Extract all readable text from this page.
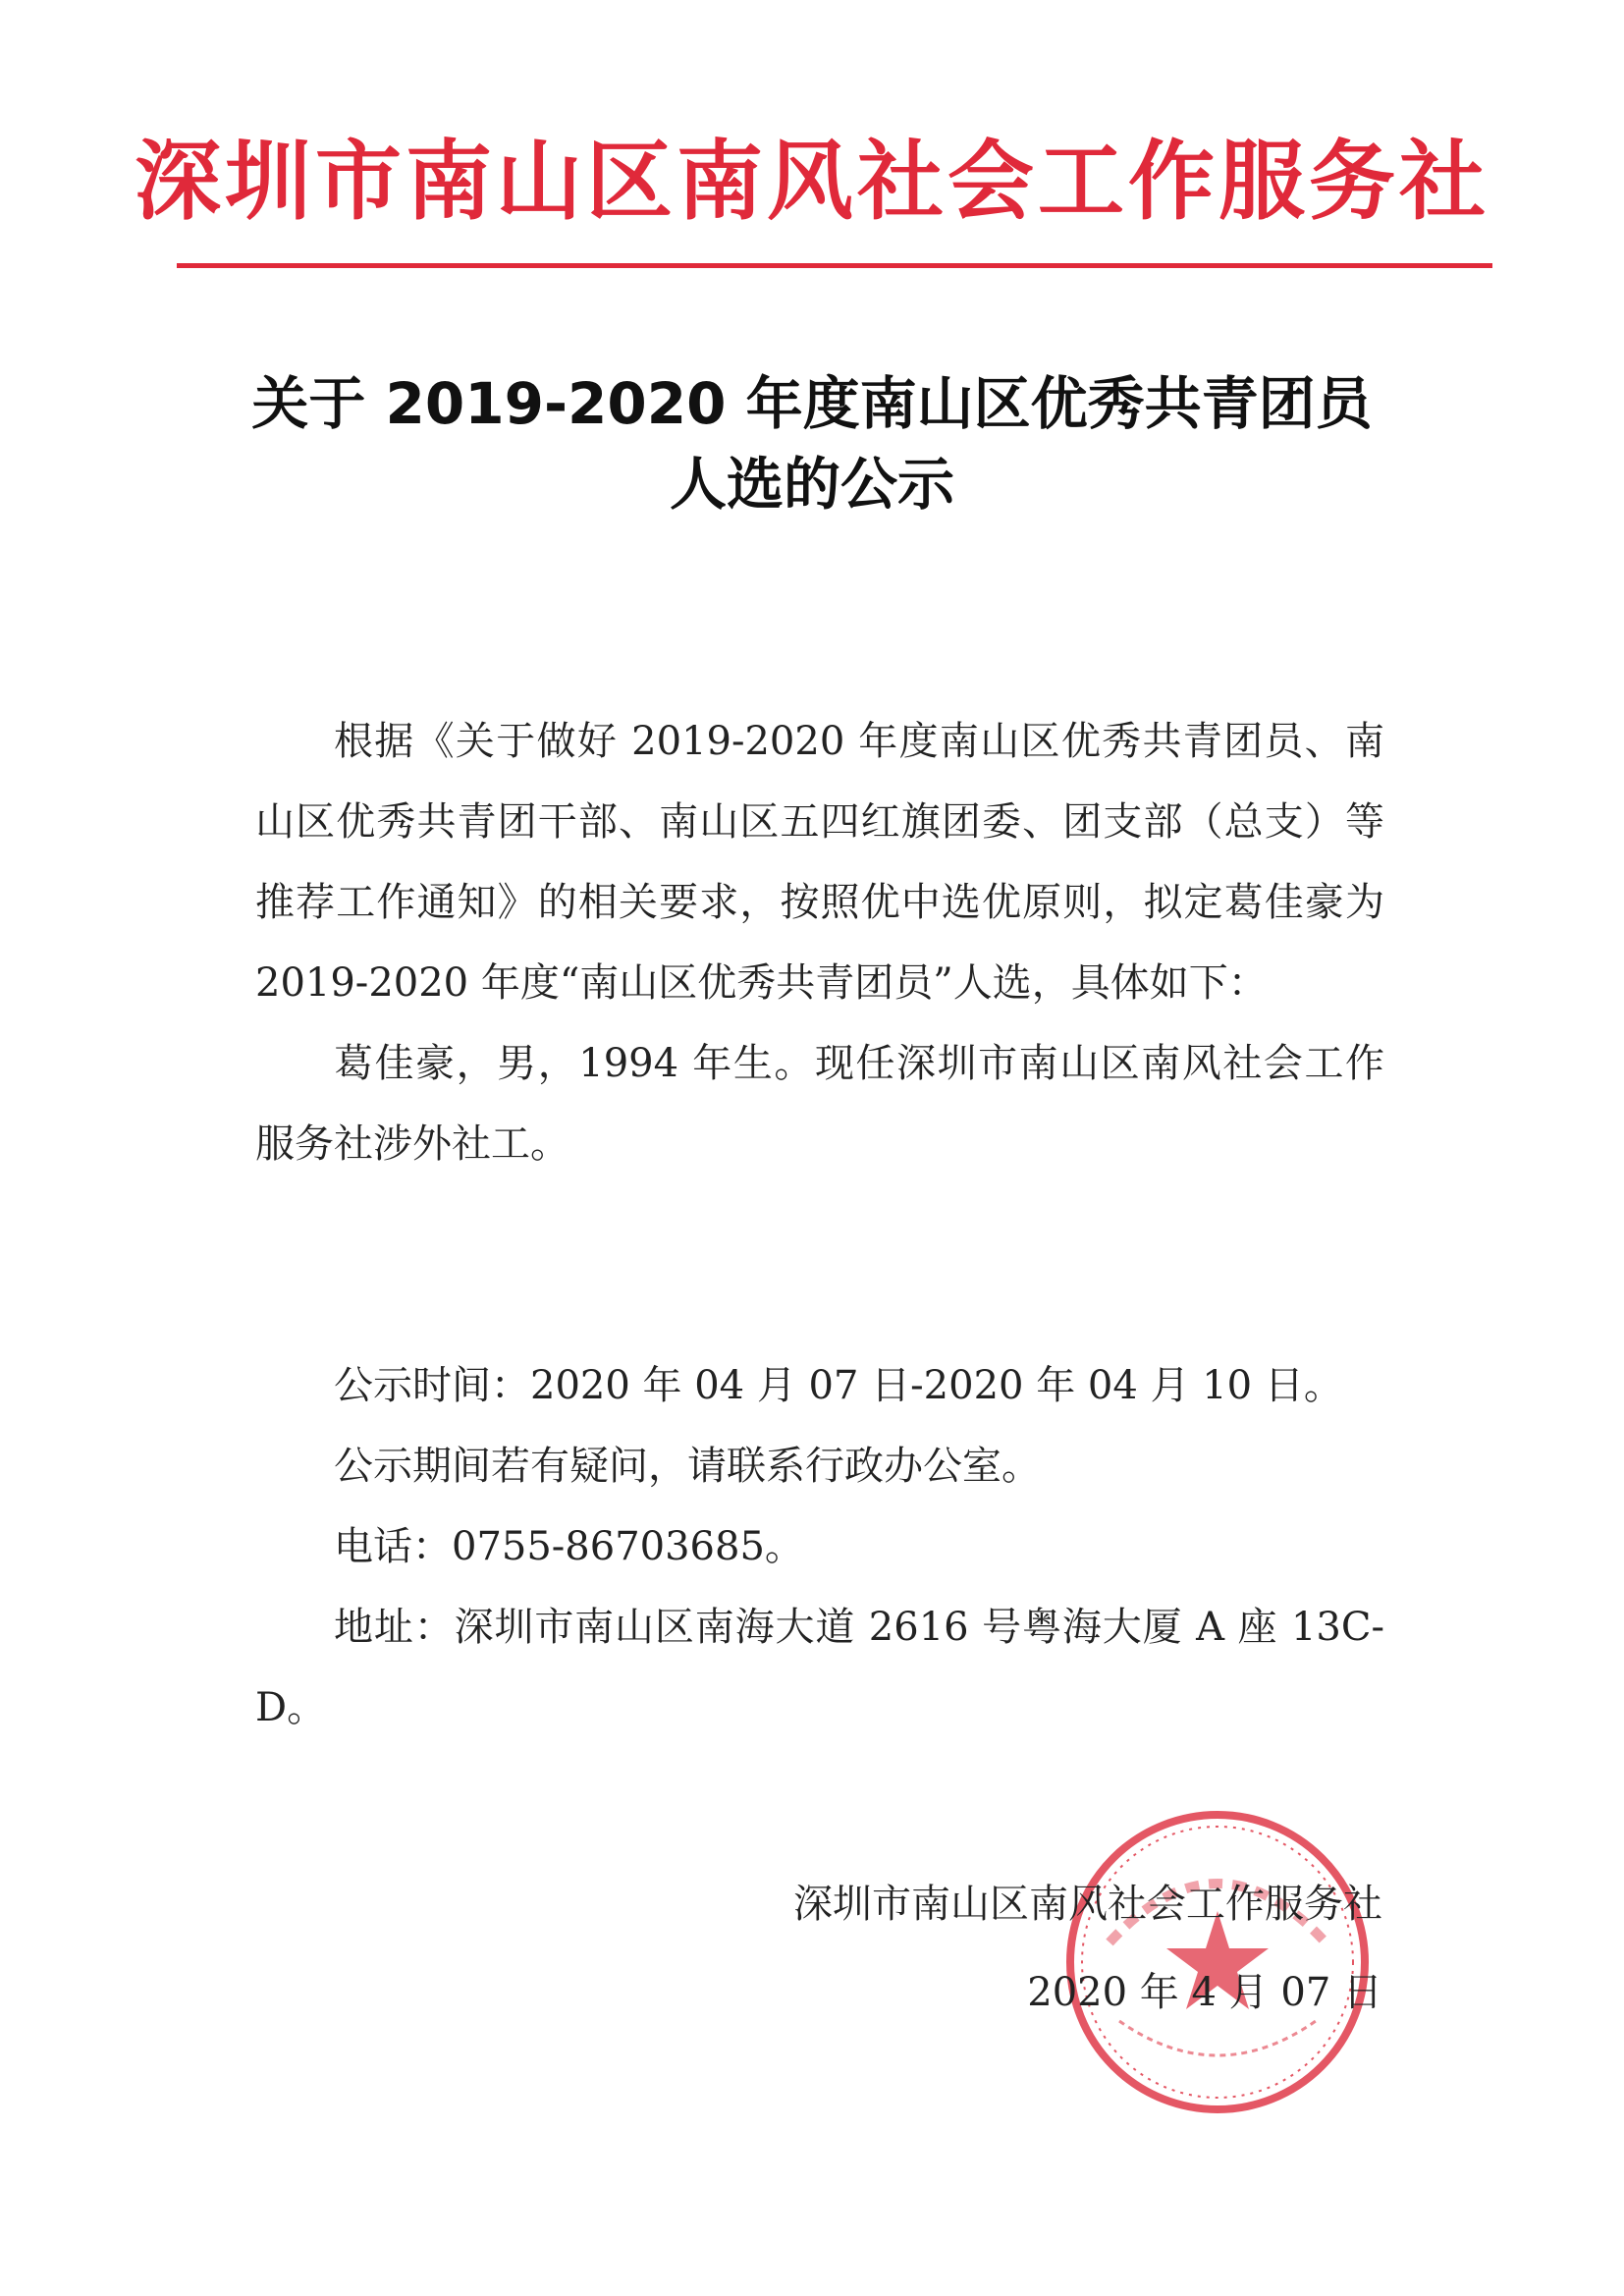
深圳市南山区南风社会工作服务社
关于 2019-2020 年度南山区优秀共青团员
人选的公示

根据《关于做好 2019-2020 年度南山区优秀共青团员、南山区优秀共青团干部、南山区五四红旗团委、团支部（总支）等推荐工作通知》的相关要求，按照优中选优原则，拟定葛佳豪为 2019-2020 年度“南山区优秀共青团员”人选，具体如下：

葛佳豪，男，1994 年生。现任深圳市南山区南风社会工作服务社涉外社工。

公示时间：2020 年 04 月 07 日-2020 年 04 月 10 日。

公示期间若有疑问，请联系行政办公室。

电话：0755-86703685。

地址：深圳市南山区南海大道 2616 号粤海大厦 A 座 13C-D。

深圳市南山区南风社会工作服务社
2020 年 4 月 07 日
